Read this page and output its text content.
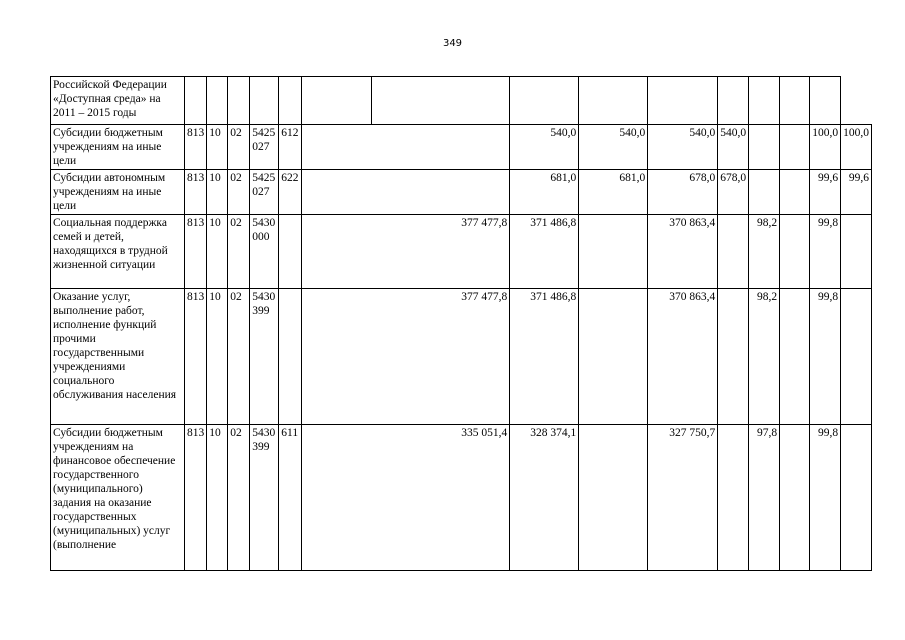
349
Российской Федерации «Доступная среда» на 2011 – 2015 годы															
Субсидии бюджетным учреждениям на иные цели	813	10	02	5425 027	612			540,0	540,0	540,0	540,0			100,0	100,0
Субсидии автономным учреждениям на иные цели	813	10	02	5425 027	622			681,0	681,0	678,0	678,0			99,6	99,6
Социальная поддержка семей и детей, находящихся в трудной жизненной ситуации	813	10	02	5430 000		377 477,8		371 486,8		370 863,4		98,2		99,8	
Оказание услуг, выполнение работ, исполнение функций прочими государственными учреждениями социального обслуживания населения	813	10	02	5430 399		377 477,8		371 486,8		370 863,4		98,2		99,8	
Субсидии бюджетным учреждениям на финансовое обеспечение государственного (муниципального) задания на оказание государственных (муниципальных) услуг (выполнение	813	10	02	5430 399	611	335 051,4		328 374,1		327 750,7		97,8		99,8	
